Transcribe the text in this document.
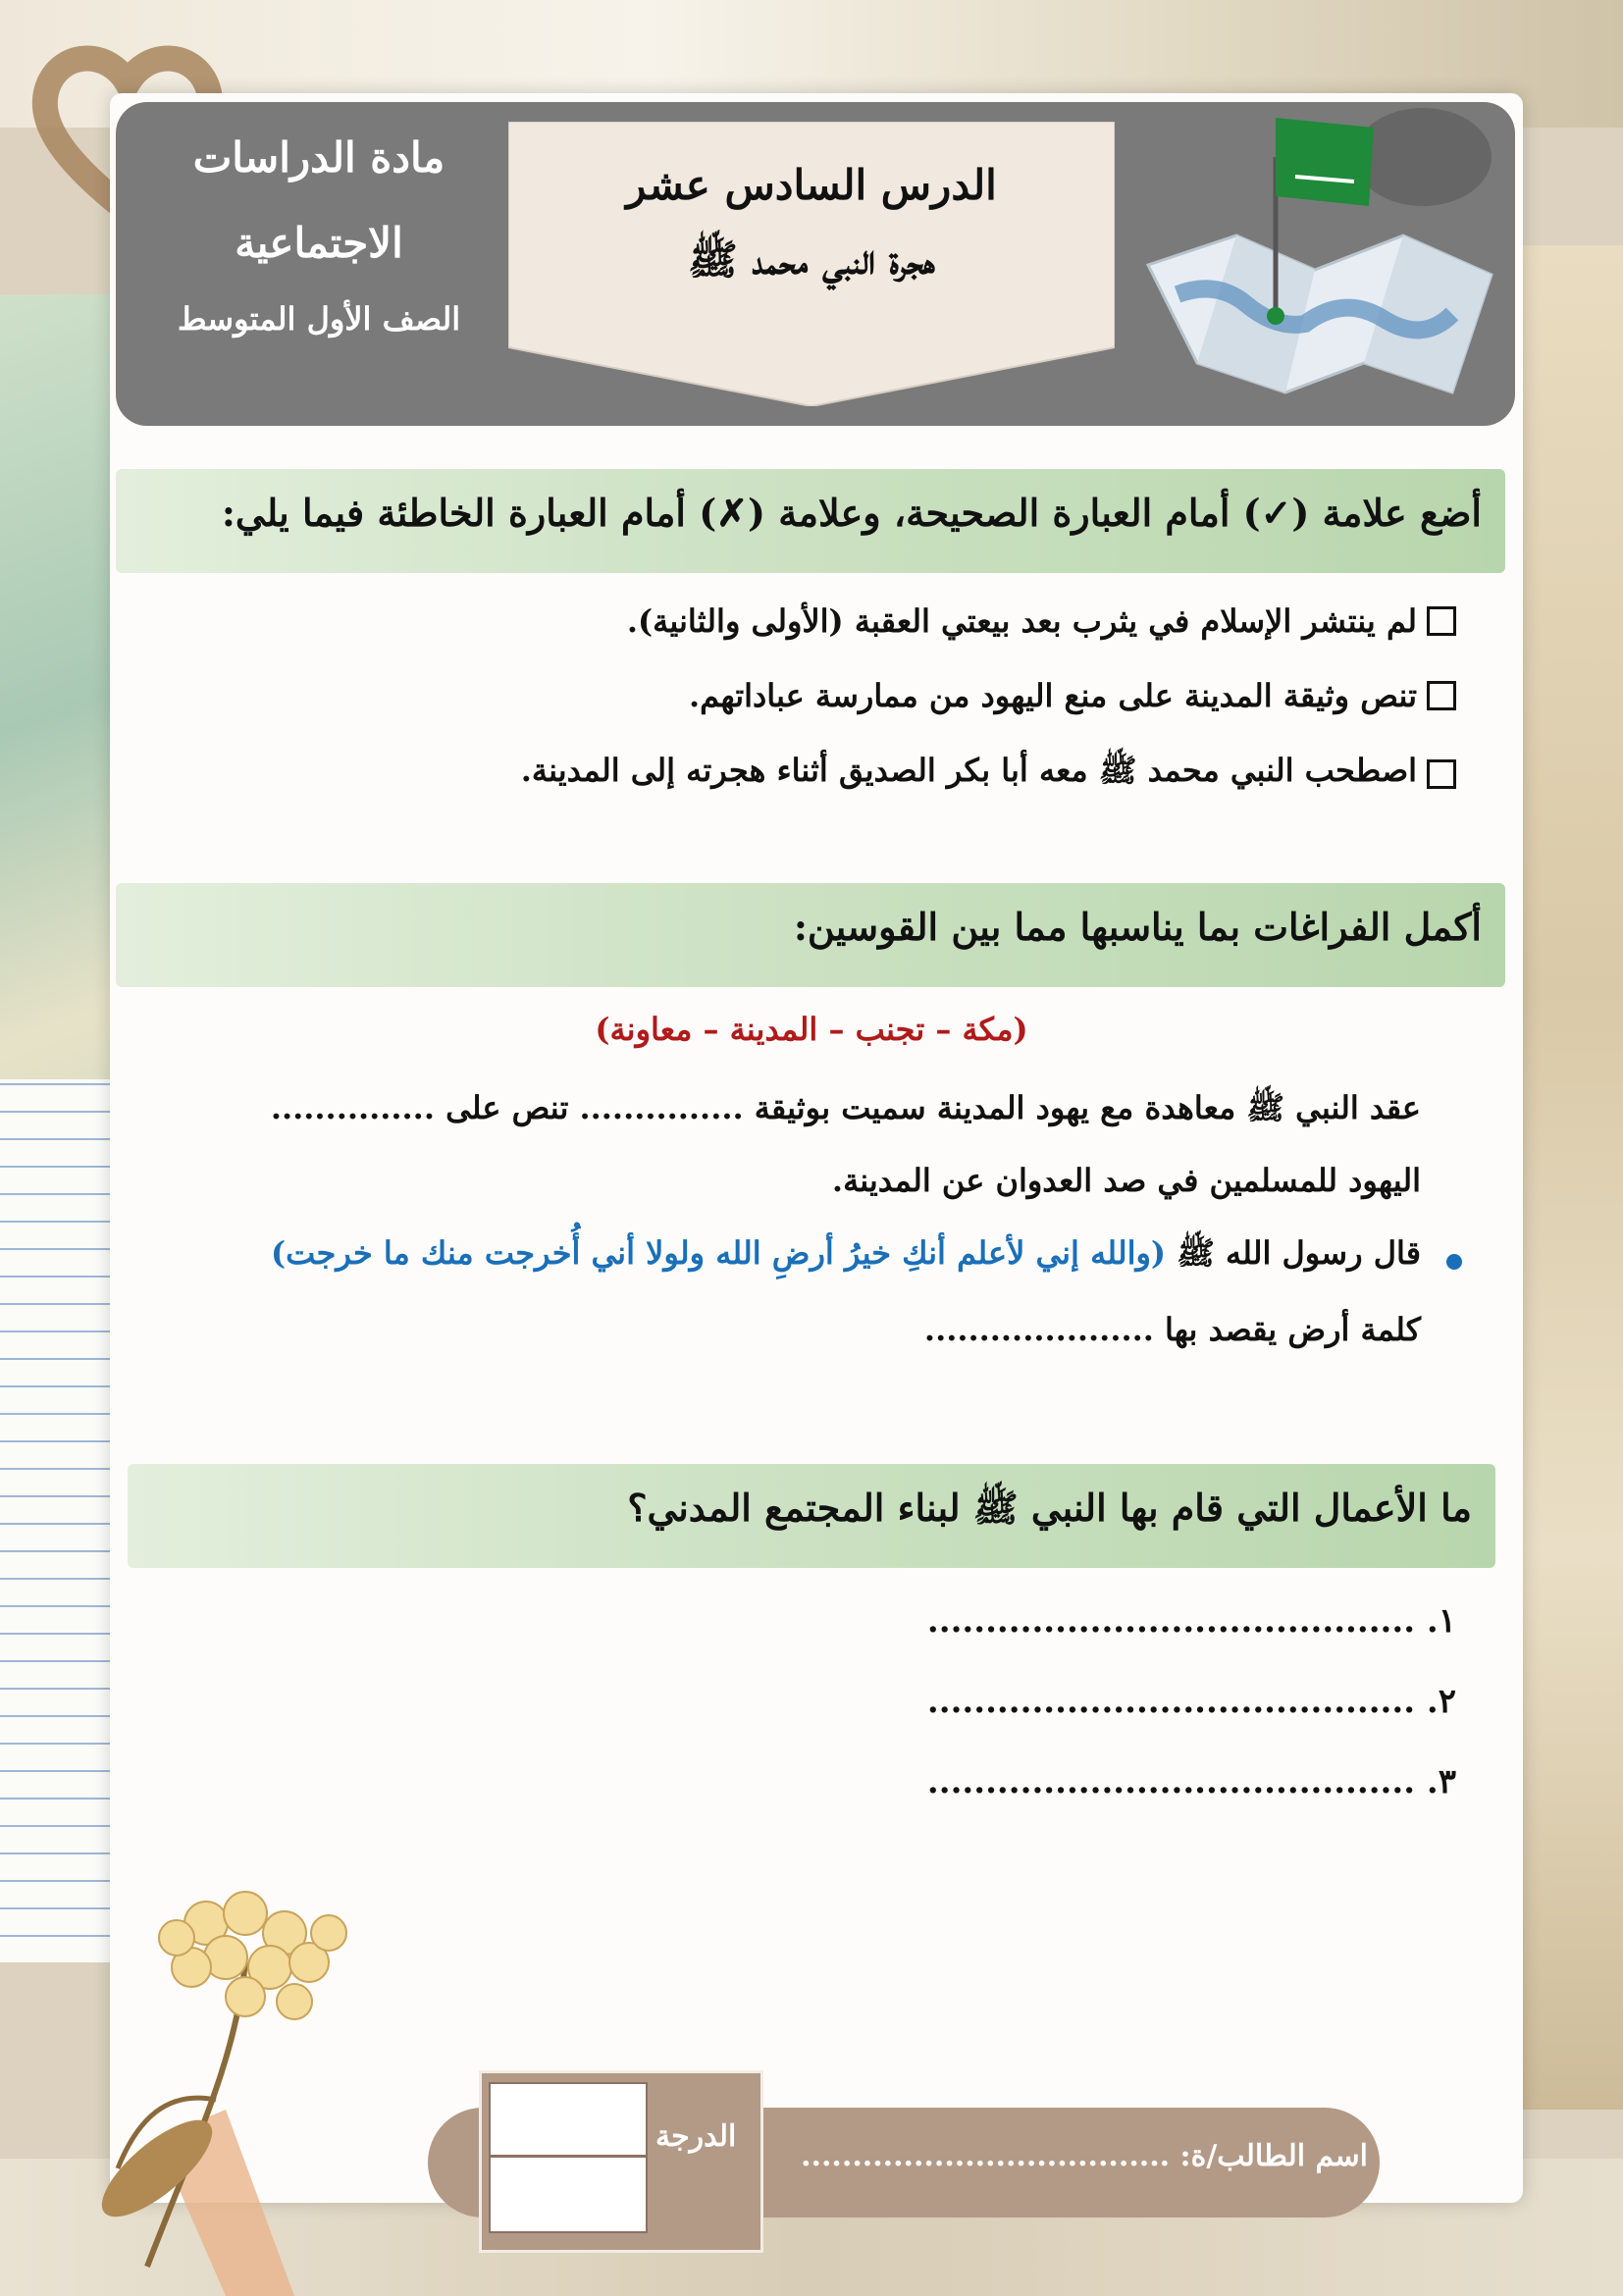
مادة الدراسات
الاجتماعية
الصف الأول المتوسط
الدرس السادس عشر
هجرة النبي محمد ﷺ
أضع علامة (✓) أمام العبارة الصحيحة، وعلامة (✗) أمام العبارة الخاطئة فيما يلي:
لم ينتشر الإسلام في يثرب بعد بيعتي العقبة (الأولى والثانية).
تنص وثيقة المدينة على منع اليهود من ممارسة عباداتهم.
اصطحب النبي محمد ﷺ معه أبا بكر الصديق أثناء هجرته إلى المدينة.
أكمل الفراغات بما يناسبها مما بين القوسين:
(مكة – تجنب – المدينة – معاونة)
عقد النبي ﷺ معاهدة مع يهود المدينة سميت بوثيقة ............... تنص على ...............
اليهود للمسلمين في صد العدوان عن المدينة.
قال رسول الله ﷺ (والله إني لأعلم أنكِ خيرُ أرضِ الله ولولا أني أُخرجت منك ما خرجت)
كلمة أرض يقصد بها .....................
ما الأعمال التي قام بها النبي ﷺ لبناء المجتمع المدني؟
١. ..........................................
٢. ..........................................
٣. ..........................................
اسم الطالب/ة: ....................................
الدرجة
